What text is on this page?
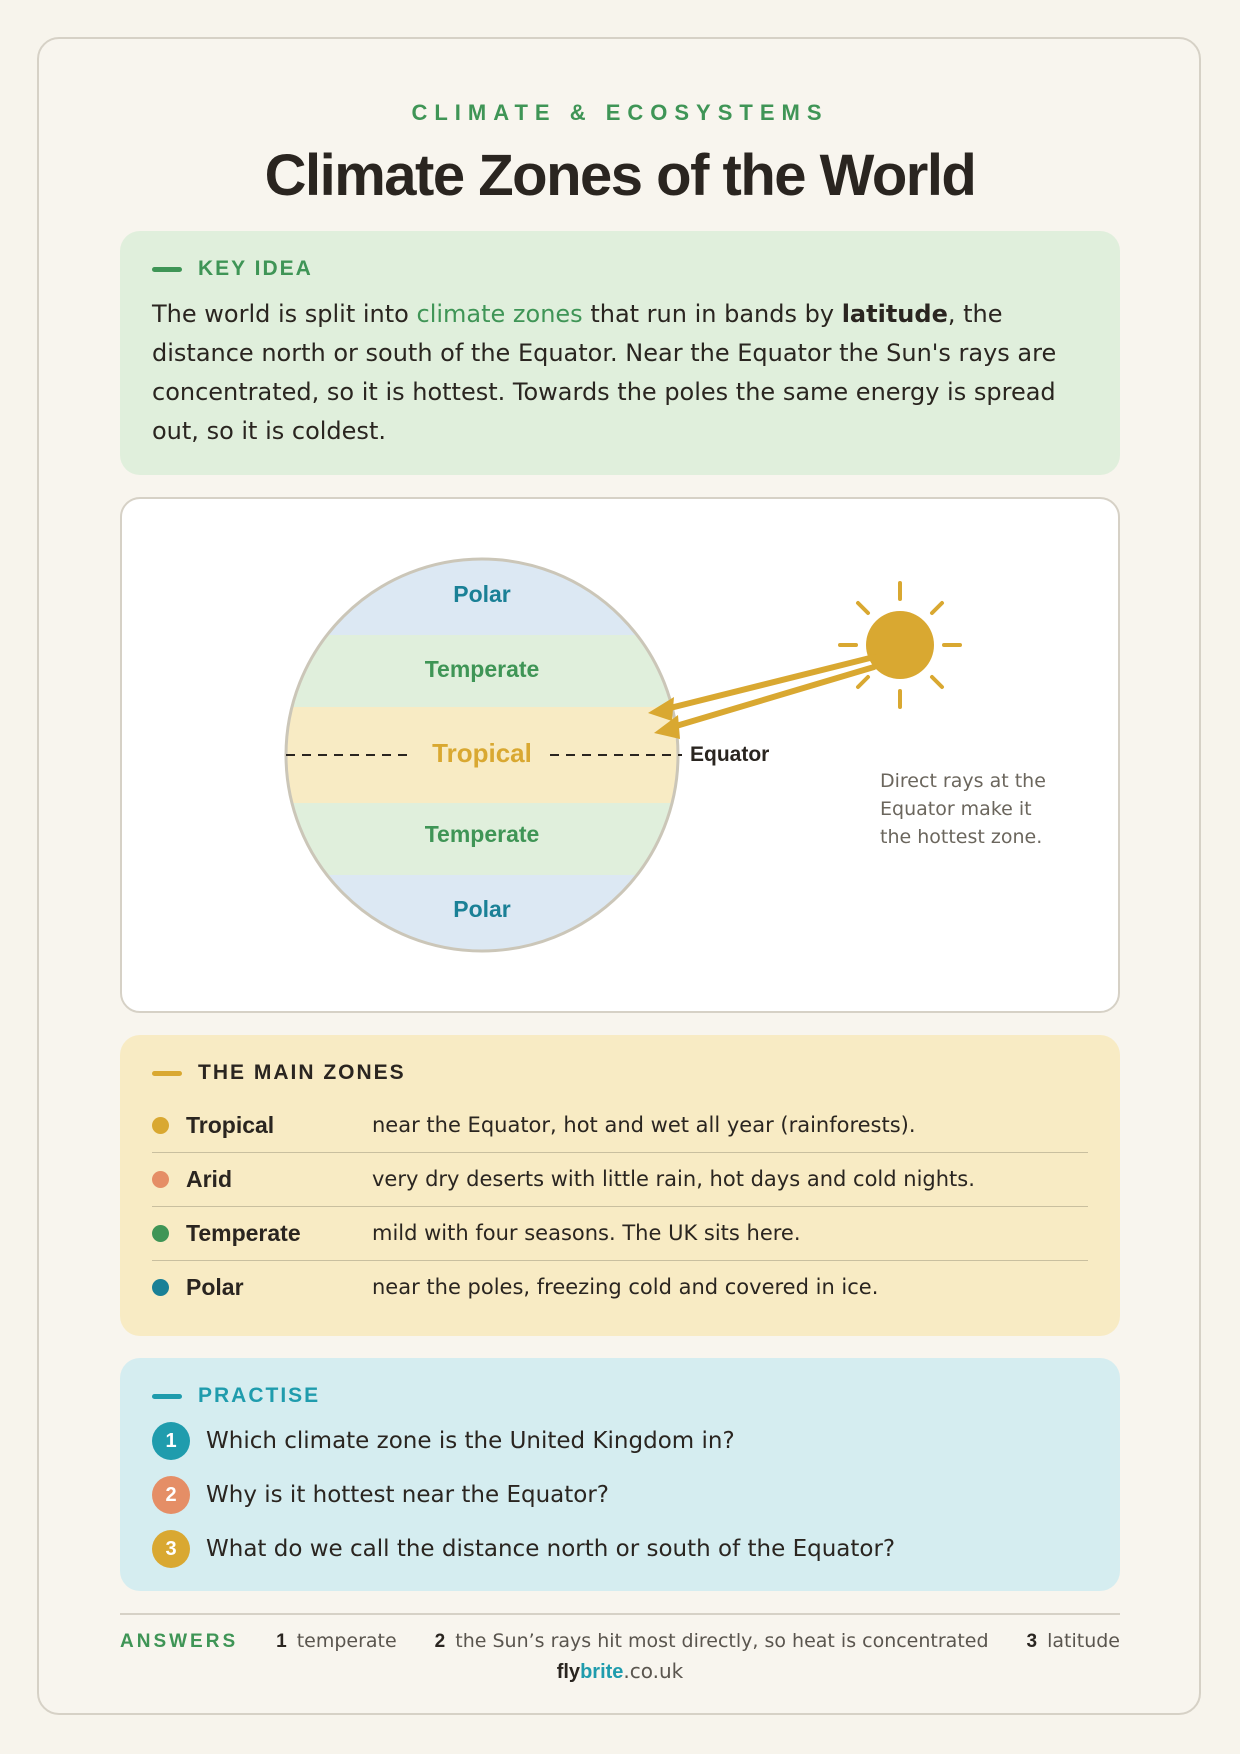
CLIMATE & ECOSYSTEMS
Climate Zones of the World
KEY IDEA
The world is split into climate zones that run in bands by latitude, the distance north or south of the Equator. Near the Equator the Sun's rays are concentrated, so it is hottest. Towards the poles the same energy is spread out, so it is coldest.
Polar
Temperate
Tropical
Temperate
Polar
Equator
Direct rays at the
Equator make it
the hottest zone.
THE MAIN ZONES
Tropical	near the Equator, hot and wet all year (rainforests).
Arid	very dry deserts with little rain, hot days and cold nights.
Temperate	mild with four seasons. The UK sits here.
Polar	near the poles, freezing cold and covered in ice.
PRACTISE
1	Which climate zone is the United Kingdom in?
2	Why is it hottest near the Equator?
3	What do we call the distance north or south of the Equator?
ANSWERS 1 temperate 2 the Sun’s rays hit most directly, so heat is concentrated 3 latitude
flybrite.co.uk
